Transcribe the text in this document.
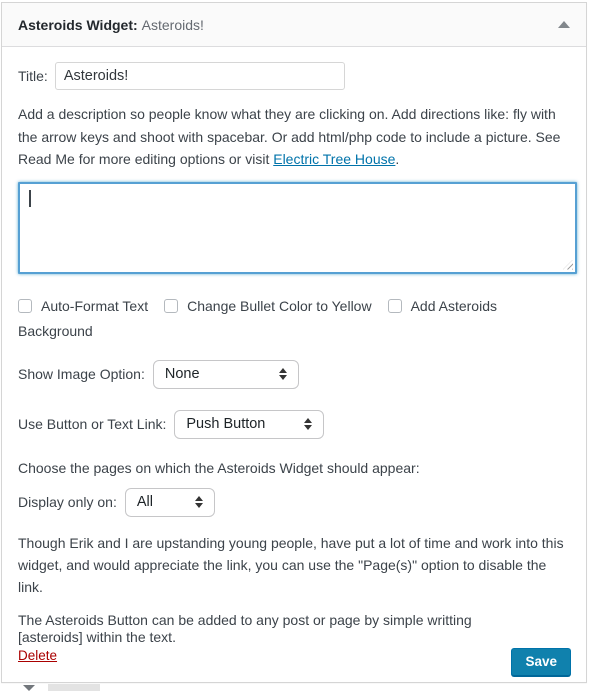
Asteroids Widget: Asteroids!
Title:
Asteroids!

Add a description so people know what they are clicking on. Add directions like: fly with the arrow keys and shoot with spacebar. Or add html/php code to include a picture. See Read Me for more editing options or visit Electric Tree House.

Auto-Format Text	Change Bullet Color to Yellow	Add Asteroids Background
Show Image Option: None
Use Button or Text Link: Push Button

Choose the pages on which the Asteroids Widget should appear:

Display only on: All

Though Erik and I are upstanding young people, have put a lot of time and work into this widget, and would appreciate the link, you can use the "Page(s)" option to disable the link.

The Asteroids Button can be added to any post or page by simple writting [asteroids] within the text.

Delete	Save
